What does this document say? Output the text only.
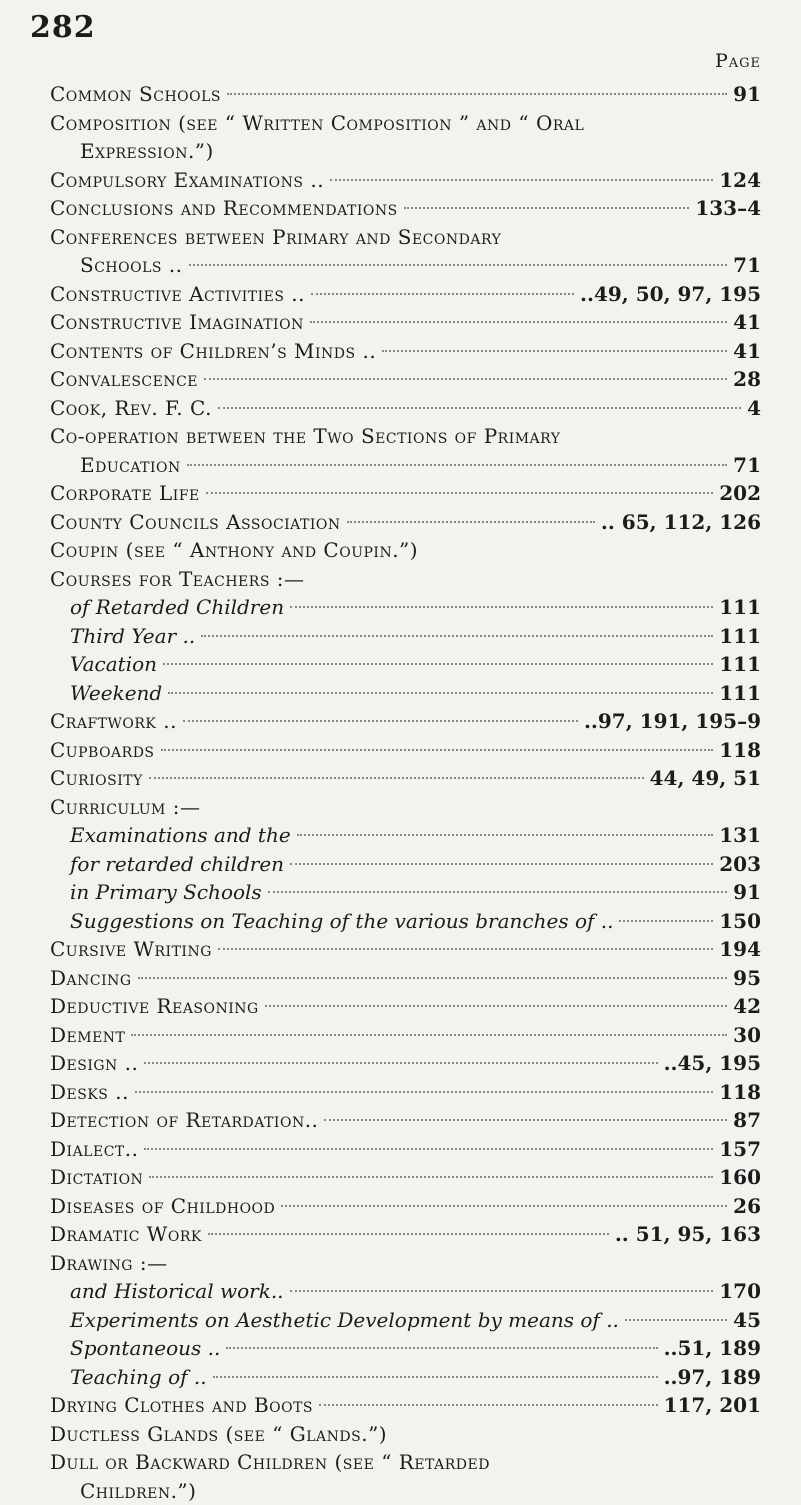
282
Page
Common Schools	91
Composition (see “ Written Composition ” and “ Oral
Expression.”)
Compulsory Examinations ..	124
Conclusions and Recommendations	133–4
Conferences between Primary and Secondary
Schools ..	71
Constructive Activities ..	..49, 50, 97, 195
Constructive Imagination	41
Contents of Children’s Minds ..	41
Convalescence	28
Cook, Rev. F. C.	4
Co-operation between the Two Sections of Primary
Education	71
Corporate Life	202
County Councils Association	.. 65, 112, 126
Coupin (see “ Anthony and Coupin.”)
Courses for Teachers :—
of Retarded Children	111
Third Year ..	111
Vacation	111
Weekend	111
Craftwork ..	..97, 191, 195–9
Cupboards	118
Curiosity	44, 49, 51
Curriculum :—
Examinations and the	131
for retarded children	203
in Primary Schools	91
Suggestions on Teaching of the various branches of ..	150
Cursive Writing	194
Dancing	95
Deductive Reasoning	42
Dement	30
Design ..	..45, 195
Desks ..	118
Detection of Retardation..	87
Dialect..	157
Dictation	160
Diseases of Childhood	26
Dramatic Work	.. 51, 95, 163
Drawing :—
and Historical work..	170
Experiments on Aesthetic Development by means of ..	45
Spontaneous ..	..51, 189
Teaching of ..	..97, 189
Drying Clothes and Boots	117, 201
Ductless Glands (see “ Glands.”)
Dull or Backward Children (see “ Retarded
Children.”)
